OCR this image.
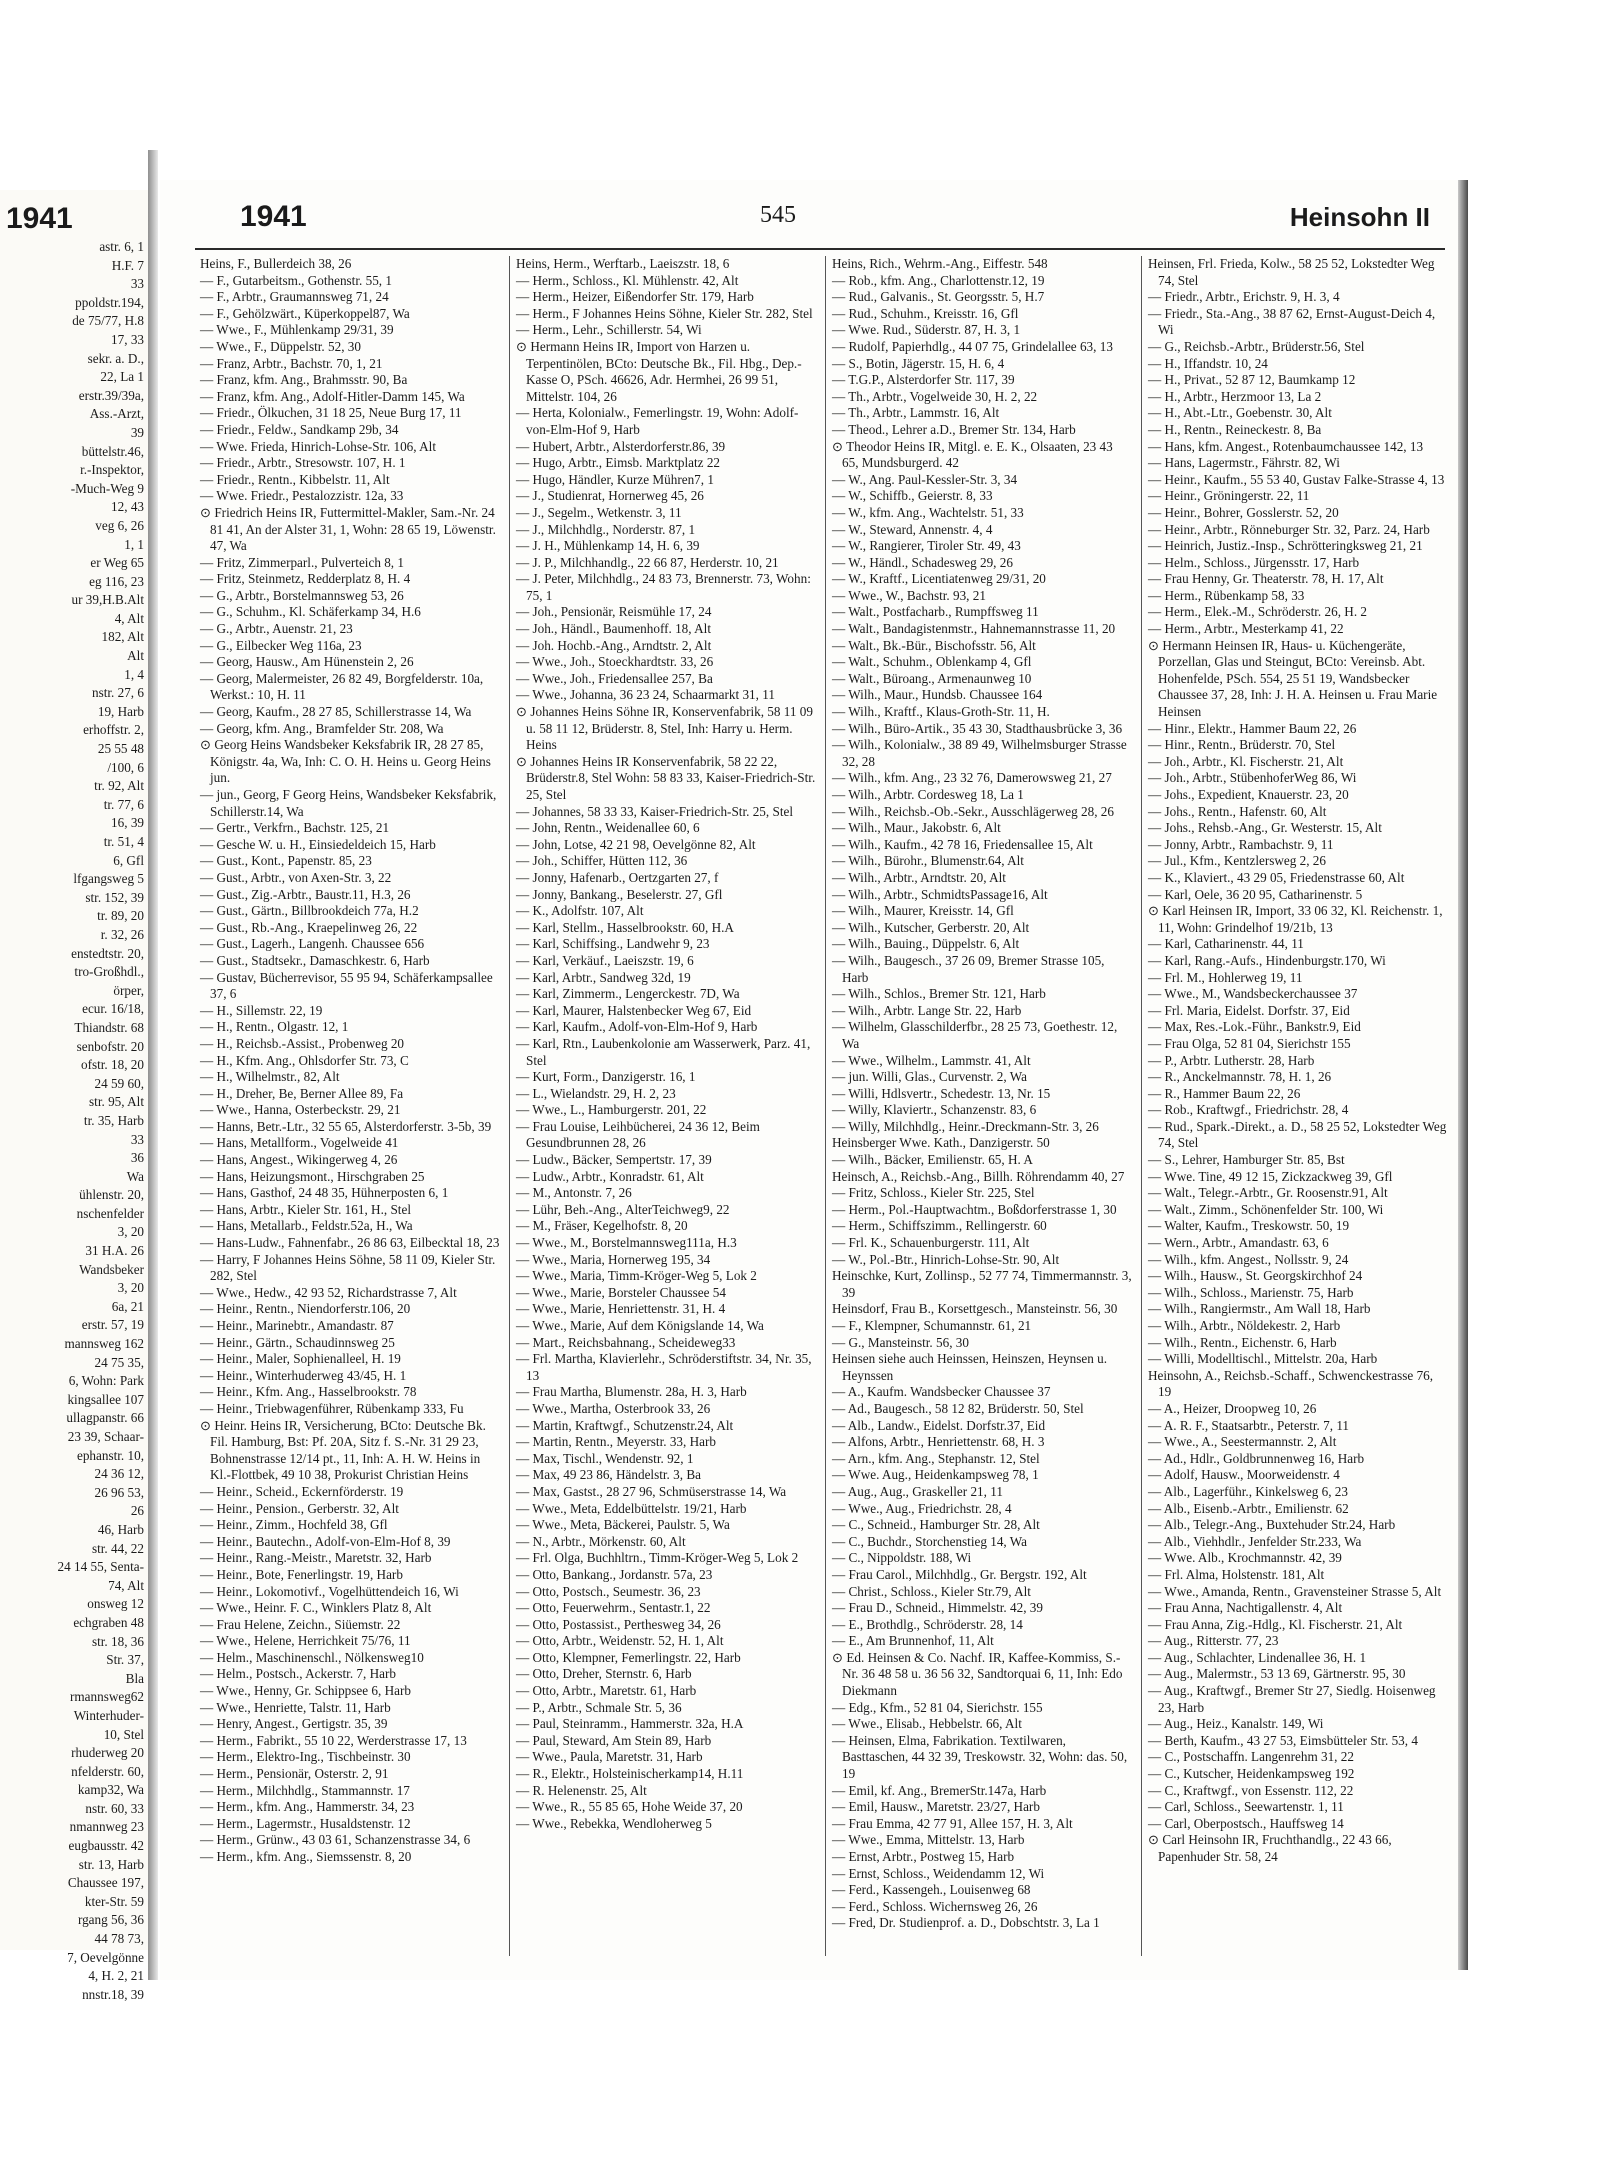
1941
astr. 6, 1
H.F. 7
33
ppoldstr.194,
de 75/77, H.8
17, 33
sekr. a. D.,
22, La 1
erstr.39/39a,
Ass.-Arzt,
39
büttelstr.46,
r.-Inspektor,
-Much-Weg 9
12, 43
veg 6, 26
1, 1
er Weg 65
eg 116, 23
ur 39,H.B.Alt
4, Alt
182, Alt
Alt
1, 4
nstr. 27, 6
19, Harb
erhoffstr. 2,
25 55 48
/100, 6
tr. 92, Alt
tr. 77, 6
16, 39
tr. 51, 4
6, Gfl
lfgangsweg 5
str. 152, 39
tr. 89, 20
r. 32, 26
enstedtstr. 20,
tro-Großhdl.,
örper,
ecur. 16/18,
Thiandstr. 68
senbofstr. 20
ofstr. 18, 20
24 59 60,
str. 95, Alt
tr. 35, Harb
33
36
Wa
ühlenstr. 20,
nschenfelder
3, 20
31 H.A. 26
Wandsbeker
3, 20
6a, 21
erstr. 57, 19
mannsweg 162
24 75 35,
6, Wohn: Park
kingsallee 107
ullagpanstr. 66
23 39, Schaar-
ephanstr. 10,
24 36 12,
26 96 53,
26
46, Harb
str. 44, 22
24 14 55, Senta-
74, Alt
onsweg 12
echgraben 48
str. 18, 36
Str. 37,
Bla
rmannsweg62
Winterhuder-
10, Stel
rhuderweg 20
nfelderstr. 60,
kamp32, Wa
nstr. 60, 33
nmannweg 23
eugbausstr. 42
str. 13, Harb
Chaussee 197,
kter-Str. 59
rgang 56, 36
44 78 73,
7, Oevelgönne
4, H. 2, 21
nnstr.18, 39
1941	545	Heinsohn II

Heins, F., Bullerdeich 38, 26

— F., Gutarbeitsm., Gothenstr. 55, 1

— F., Arbtr., Graumannsweg 71, 24

— F., Gehölzwärt., Küperkoppel87, Wa

— Wwe., F., Mühlenkamp 29/31, 39

— Wwe., F., Düppelstr. 52, 30

— Franz, Arbtr., Bachstr. 70, 1, 21

— Franz, kfm. Ang., Brahmsstr. 90, Ba

— Franz, kfm. Ang., Adolf-Hitler-Damm 145, Wa

— Friedr., Ölkuchen, 31 18 25, Neue Burg 17, 11

— Friedr., Feldw., Sandkamp 29b, 34

— Wwe. Frieda, Hinrich-Lohse-Str. 106, Alt

— Friedr., Arbtr., Stresowstr. 107, H. 1

— Friedr., Rentn., Kibbelstr. 11, Alt

— Wwe. Friedr., Pestalozzistr. 12a, 33

⊙ Friedrich Heins IR, Futtermittel-Makler, Sam.-Nr. 24 81 41, An der Alster 31, 1, Wohn: 28 65 19, Löwenstr. 47, Wa

— Fritz, Zimmerparl., Pulverteich 8, 1

— Fritz, Steinmetz, Redderplatz 8, H. 4

— G., Arbtr., Borstelmannsweg 53, 26

— G., Schuhm., Kl. Schäferkamp 34, H.6

— G., Arbtr., Auenstr. 21, 23

— G., Eilbecker Weg 116a, 23

— Georg, Hausw., Am Hünenstein 2, 26

— Georg, Malermeister, 26 82 49, Borgfelderstr. 10a, Werkst.: 10, H. 11

— Georg, Kaufm., 28 27 85, Schillerstrasse 14, Wa

— Georg, kfm. Ang., Bramfelder Str. 208, Wa

⊙ Georg Heins Wandsbeker Keksfabrik IR, 28 27 85, Königstr. 4a, Wa, Inh: C. O. H. Heins u. Georg Heins jun.

— jun., Georg, F Georg Heins, Wandsbeker Keksfabrik, Schillerstr.14, Wa

— Gertr., Verkfrn., Bachstr. 125, 21

— Gesche W. u. H., Einsiedeldeich 15, Harb

— Gust., Kont., Papenstr. 85, 23

— Gust., Arbtr., von Axen-Str. 3, 22

— Gust., Zig.-Arbtr., Baustr.11, H.3, 26

— Gust., Gärtn., Billbrookdeich 77a, H.2

— Gust., Rb.-Ang., Kraepelinweg 26, 22

— Gust., Lagerh., Langenh. Chaussee 656

— Gust., Stadtsekr., Damaschkestr. 6, Harb

— Gustav, Bücherrevisor, 55 95 94, Schäferkampsallee 37, 6

— H., Sillemstr. 22, 19

— H., Rentn., Olgastr. 12, 1

— H., Reichsb.-Assist., Probenweg 20

— H., Kfm. Ang., Ohlsdorfer Str. 73, C

— H., Wilhelmstr., 82, Alt

— H., Dreher, Be, Berner Allee 89, Fa

— Wwe., Hanna, Osterbeckstr. 29, 21

— Hanns, Betr.-Ltr., 32 55 65, Alsterdorferstr. 3-5b, 39

— Hans, Metallform., Vogelweide 41

— Hans, Angest., Wikingerweg 4, 26

— Hans, Heizungsmont., Hirschgraben 25

— Hans, Gasthof, 24 48 35, Hühnerposten 6, 1

— Hans, Arbtr., Kieler Str. 161, H., Stel

— Hans, Metallarb., Feldstr.52a, H., Wa

— Hans-Ludw., Fahnenfabr., 26 86 63, Eilbecktal 18, 23

— Harry, F Johannes Heins Söhne, 58 11 09, Kieler Str. 282, Stel

— Wwe., Hedw., 42 93 52, Richardstrasse 7, Alt

— Heinr., Rentn., Niendorferstr.106, 20

— Heinr., Marinebtr., Amandastr. 87

— Heinr., Gärtn., Schaudinnsweg 25

— Heinr., Maler, Sophienalleel, H. 19

— Heinr., Winterhuderweg 43/45, H. 1

— Heinr., Kfm. Ang., Hasselbrookstr. 78

— Heinr., Triebwagenführer, Rübenkamp 333, Fu

⊙ Heinr. Heins IR, Versicherung, BCto: Deutsche Bk. Fil. Hamburg, Bst: Pf. 20A, Sitz f. S.-Nr. 31 29 23, Bohnenstrasse 12/14 pt., 11, Inh: A. H. W. Heins in Kl.-Flottbek, 49 10 38, Prokurist Christian Heins

— Heinr., Scheid., Eckernförderstr. 19

— Heinr., Pension., Gerberstr. 32, Alt

— Heinr., Zimm., Hochfeld 38, Gfl

— Heinr., Bautechn., Adolf-von-Elm-Hof 8, 39

— Heinr., Rang.-Meistr., Maretstr. 32, Harb

— Heinr., Bote, Fenerlingstr. 19, Harb

— Heinr., Lokomotivf., Vogelhüttendeich 16, Wi

— Wwe., Heinr. F. C., Winklers Platz 8, Alt

— Frau Helene, Zeichn., Siüemstr. 22

— Wwe., Helene, Herrichkeit 75/76, 11

— Helm., Maschinenschl., Nölkensweg10

— Helm., Postsch., Ackerstr. 7, Harb

— Wwe., Henny, Gr. Schippsee 6, Harb

— Wwe., Henriette, Talstr. 11, Harb

— Henry, Angest., Gertigstr. 35, 39

— Herm., Fabrikt., 55 10 22, Werderstrasse 17, 13

— Herm., Elektro-Ing., Tischbeinstr. 30

— Herm., Pensionär, Osterstr. 2, 91

— Herm., Milchhdlg., Stammannstr. 17

— Herm., kfm. Ang., Hammerstr. 34, 23

— Herm., Lagermstr., Husaldstenstr. 12

— Herm., Grünw., 43 03 61, Schanzenstrasse 34, 6

— Herm., kfm. Ang., Siemssenstr. 8, 20

Heins, Herm., Werftarb., Laeiszstr. 18, 6

— Herm., Schloss., Kl. Mühlenstr. 42, Alt

— Herm., Heizer, Eißendorfer Str. 179, Harb

— Herm., F Johannes Heins Söhne, Kieler Str. 282, Stel

— Herm., Lehr., Schillerstr. 54, Wi

⊙ Hermann Heins IR, Import von Harzen u. Terpentinölen, BCto: Deutsche Bk., Fil. Hbg., Dep.-Kasse O, PSch. 46626, Adr. Hermhei, 26 99 51, Mittelstr. 104, 26

— Herta, Kolonialw., Femerlingstr. 19, Wohn: Adolf-von-Elm-Hof 9, Harb

— Hubert, Arbtr., Alsterdorferstr.86, 39

— Hugo, Arbtr., Eimsb. Marktplatz 22

— Hugo, Händler, Kurze Mühren7, 1

— J., Studienrat, Hornerweg 45, 26

— J., Segelm., Wetkenstr. 3, 11

— J., Milchhdlg., Norderstr. 87, 1

— J. H., Mühlenkamp 14, H. 6, 39

— J. P., Milchhandlg., 22 66 87, Herderstr. 10, 21

— J. Peter, Milchhdlg., 24 83 73, Brennerstr. 73, Wohn: 75, 1

— Joh., Pensionär, Reismühle 17, 24

— Joh., Händl., Baumenhoff. 18, Alt

— Joh. Hochb.-Ang., Arndtstr. 2, Alt

— Wwe., Joh., Stoeckhardtstr. 33, 26

— Wwe., Joh., Friedensallee 257, Ba

— Wwe., Johanna, 36 23 24, Schaarmarkt 31, 11

⊙ Johannes Heins Söhne IR, Konservenfabrik, 58 11 09 u. 58 11 12, Brüderstr. 8, Stel, Inh: Harry u. Herm. Heins

⊙ Johannes Heins IR Konservenfabrik, 58 22 22, Brüderstr.8, Stel Wohn: 58 83 33, Kaiser-Friedrich-Str. 25, Stel

— Johannes, 58 33 33, Kaiser-Friedrich-Str. 25, Stel

— John, Rentn., Weidenallee 60, 6

— John, Lotse, 42 21 98, Oevelgönne 82, Alt

— Joh., Schiffer, Hütten 112, 36

— Jonny, Hafenarb., Oertzgarten 27, f

— Jonny, Bankang., Beselerstr. 27, Gfl

— K., Adolfstr. 107, Alt

— Karl, Stellm., Hasselbrookstr. 60, H.A

— Karl, Schiffsing., Landwehr 9, 23

— Karl, Verkäuf., Laeiszstr. 19, 6

— Karl, Arbtr., Sandweg 32d, 19

— Karl, Zimmerm., Lengerckestr. 7D, Wa

— Karl, Maurer, Halstenbecker Weg 67, Eid

— Karl, Kaufm., Adolf-von-Elm-Hof 9, Harb

— Karl, Rtn., Laubenkolonie am Wasserwerk, Parz. 41, Stel

— Kurt, Form., Danzigerstr. 16, 1

— L., Wielandstr. 29, H. 2, 23

— Wwe., L., Hamburgerstr. 201, 22

— Frau Louise, Leihbücherei, 24 36 12, Beim Gesundbrunnen 28, 26

— Ludw., Bäcker, Sempertstr. 17, 39

— Ludw., Arbtr., Konradstr. 61, Alt

— M., Antonstr. 7, 26

— Lühr, Beh.-Ang., AlterTeichweg9, 22

— M., Fräser, Kegelhofstr. 8, 20

— Wwe., M., Borstelmannsweg111a, H.3

— Wwe., Maria, Hornerweg 195, 34

— Wwe., Maria, Timm-Kröger-Weg 5, Lok 2

— Wwe., Marie, Borsteler Chaussee 54

— Wwe., Marie, Henriettenstr. 31, H. 4

— Wwe., Marie, Auf dem Königslande 14, Wa

— Mart., Reichsbahnang., Scheideweg33

— Frl. Martha, Klavierlehr., Schröderstiftstr. 34, Nr. 35, 13

— Frau Martha, Blumenstr. 28a, H. 3, Harb

— Wwe., Martha, Osterbrook 33, 26

— Martin, Kraftwgf., Schutzenstr.24, Alt

— Martin, Rentn., Meyerstr. 33, Harb

— Max, Tischl., Wendenstr. 92, 1

— Max, 49 23 86, Händelstr. 3, Ba

— Max, Gastst., 28 27 96, Schmüserstrasse 14, Wa

— Wwe., Meta, Eddelbüttelstr. 19/21, Harb

— Wwe., Meta, Bäckerei, Paulstr. 5, Wa

— N., Arbtr., Mörkenstr. 60, Alt

— Frl. Olga, Buchhltrn., Timm-Kröger-Weg 5, Lok 2

— Otto, Bankang., Jordanstr. 57a, 23

— Otto, Postsch., Seumestr. 36, 23

— Otto, Feuerwehrm., Sentastr.1, 22

— Otto, Postassist., Perthesweg 34, 26

— Otto, Arbtr., Weidenstr. 52, H. 1, Alt

— Otto, Klempner, Femerlingstr. 22, Harb

— Otto, Dreher, Sternstr. 6, Harb

— Otto, Arbtr., Maretstr. 61, Harb

— P., Arbtr., Schmale Str. 5, 36

— Paul, Steinramm., Hammerstr. 32a, H.A

— Paul, Steward, Am Stein 89, Harb

— Wwe., Paula, Maretstr. 31, Harb

— R., Elektr., Holsteinischerkamp14, H.11

— R. Helenenstr. 25, Alt

— Wwe., R., 55 85 65, Hohe Weide 37, 20

— Wwe., Rebekka, Wendloherweg 5

Heins, Rich., Wehrm.-Ang., Eiffestr. 548

— Rob., kfm. Ang., Charlottenstr.12, 19

— Rud., Galvanis., St. Georgsstr. 5, H.7

— Rud., Schuhm., Kreisstr. 16, Gfl

— Wwe. Rud., Süderstr. 87, H. 3, 1

— Rudolf, Papierhdlg., 44 07 75, Grindelallee 63, 13

— S., Botin, Jägerstr. 15, H. 6, 4

— T.G.P., Alsterdorfer Str. 117, 39

— Th., Arbtr., Vogelweide 30, H. 2, 22

— Th., Arbtr., Lammstr. 16, Alt

— Theod., Lehrer a.D., Bremer Str. 134, Harb

⊙ Theodor Heins IR, Mitgl. e. E. K., Olsaaten, 23 43 65, Mundsburgerd. 42

— W., Ang. Paul-Kessler-Str. 3, 34

— W., Schiffb., Geierstr. 8, 33

— W., kfm. Ang., Wachtelstr. 51, 33

— W., Steward, Annenstr. 4, 4

— W., Rangierer, Tiroler Str. 49, 43

— W., Händl., Schadesweg 29, 26

— W., Kraftf., Licentiatenweg 29/31, 20

— Wwe., W., Bachstr. 93, 21

— Walt., Postfacharb., Rumpffsweg 11

— Walt., Bandagistenmstr., Hahnemannstrasse 11, 20

— Walt., Bk.-Bür., Bischofsstr. 56, Alt

— Walt., Schuhm., Oblenkamp 4, Gfl

— Walt., Büroang., Armenaunweg 10

— Wilh., Maur., Hundsb. Chaussee 164

— Wilh., Kraftf., Klaus-Groth-Str. 11, H.

— Wilh., Büro-Artik., 35 43 30, Stadthausbrücke 3, 36

— Wilh., Kolonialw., 38 89 49, Wilhelmsburger Strasse 32, 28

— Wilh., kfm. Ang., 23 32 76, Damerowsweg 21, 27

— Wilh., Arbtr. Cordesweg 18, La 1

— Wilh., Reichsb.-Ob.-Sekr., Ausschlägerweg 28, 26

— Wilh., Maur., Jakobstr. 6, Alt

— Wilh., Kaufm., 42 78 16, Friedensallee 15, Alt

— Wilh., Bürohr., Blumenstr.64, Alt

— Wilh., Arbtr., Arndtstr. 20, Alt

— Wilh., Arbtr., SchmidtsPassage16, Alt

— Wilh., Maurer, Kreisstr. 14, Gfl

— Wilh., Kutscher, Gerberstr. 20, Alt

— Wilh., Bauing., Düppelstr. 6, Alt

— Wilh., Baugesch., 37 26 09, Bremer Strasse 105, Harb

— Wilh., Schlos., Bremer Str. 121, Harb

— Wilh., Arbtr. Lange Str. 22, Harb

— Wilhelm, Glasschilderfbr., 28 25 73, Goethestr. 12, Wa

— Wwe., Wilhelm., Lammstr. 41, Alt

— jun. Willi, Glas., Curvenstr. 2, Wa

— Willi, Hdlsvertr., Schedestr. 13, Nr. 15

— Willy, Klaviertr., Schanzenstr. 83, 6

— Willy, Milchhdlg., Heinr.-Dreckmann-Str. 3, 26

Heinsberger Wwe. Kath., Danzigerstr. 50

— Wilh., Bäcker, Emilienstr. 65, H. A

Heinsch, A., Reichsb.-Ang., Billh. Röhrendamm 40, 27

— Fritz, Schloss., Kieler Str. 225, Stel

— Herm., Pol.-Hauptwachtm., Boßdorferstrasse 1, 30

— Herm., Schiffszimm., Rellingerstr. 60

— Frl. K., Schauenburgerstr. 111, Alt

— W., Pol.-Btr., Hinrich-Lohse-Str. 90, Alt

Heinschke, Kurt, Zollinsp., 52 77 74, Timmermannstr. 3, 39

Heinsdorf, Frau B., Korsettgesch., Mansteinstr. 56, 30

— F., Klempner, Schumannstr. 61, 21

— G., Mansteinstr. 56, 30

Heinsen siehe auch Heinssen, Heinszen, Heynsen u. Heynssen

— A., Kaufm. Wandsbecker Chaussee 37

— Ad., Baugesch., 58 12 82, Brüderstr. 50, Stel

— Alb., Landw., Eidelst. Dorfstr.37, Eid

— Alfons, Arbtr., Henriettenstr. 68, H. 3

— Arn., kfm. Ang., Stephanstr. 12, Stel

— Wwe. Aug., Heidenkampsweg 78, 1

— Aug., Aug., Graskeller 21, 11

— Wwe., Aug., Friedrichstr. 28, 4

— C., Schneid., Hamburger Str. 28, Alt

— C., Buchdr., Storchenstieg 14, Wa

— C., Nippoldstr. 188, Wi

— Frau Carol., Milchhdlg., Gr. Bergstr. 192, Alt

— Christ., Schloss., Kieler Str.79, Alt

— Frau D., Schneid., Himmelstr. 42, 39

— E., Brothdlg., Schröderstr. 28, 14

— E., Am Brunnenhof, 11, Alt

⊙ Ed. Heinsen & Co. Nachf. IR, Kaffee-Kommiss, S.-Nr. 36 48 58 u. 36 56 32, Sandtorquai 6, 11, Inh: Edo Diekmann

— Edg., Kfm., 52 81 04, Sierichstr. 155

— Wwe., Elisab., Hebbelstr. 66, Alt

— Heinsen, Elma, Fabrikation. Textilwaren, Basttaschen, 44 32 39, Treskowstr. 32, Wohn: das. 50, 19

— Emil, kf. Ang., BremerStr.147a, Harb

— Emil, Hausw., Maretstr. 23/27, Harb

— Frau Emma, 42 77 91, Allee 157, H. 3, Alt

— Wwe., Emma, Mittelstr. 13, Harb

— Ernst, Arbtr., Postweg 15, Harb

— Ernst, Schloss., Weidendamm 12, Wi

— Ferd., Kassengeh., Louisenweg 68

— Ferd., Schloss. Wichernsweg 26, 26

— Fred, Dr. Studienprof. a. D., Dobschtstr. 3, La 1

Heinsen, Frl. Frieda, Kolw., 58 25 52, Lokstedter Weg 74, Stel

— Friedr., Arbtr., Erichstr. 9, H. 3, 4

— Friedr., Sta.-Ang., 38 87 62, Ernst-August-Deich 4, Wi

— G., Reichsb.-Arbtr., Brüderstr.56, Stel

— H., Iffandstr. 10, 24

— H., Privat., 52 87 12, Baumkamp 12

— H., Arbtr., Herzmoor 13, La 2

— H., Abt.-Ltr., Goebenstr. 30, Alt

— H., Rentn., Reineckestr. 8, Ba

— Hans, kfm. Angest., Rotenbaumchaussee 142, 13

— Hans, Lagermstr., Fährstr. 82, Wi

— Heinr., Kaufm., 55 53 40, Gustav Falke-Strasse 4, 13

— Heinr., Gröningerstr. 22, 11

— Heinr., Bohrer, Gosslerstr. 52, 20

— Heinr., Arbtr., Rönneburger Str. 32, Parz. 24, Harb

— Heinrich, Justiz.-Insp., Schrötteringksweg 21, 21

— Helm., Schloss., Jürgensstr. 17, Harb

— Frau Henny, Gr. Theaterstr. 78, H. 17, Alt

— Herm., Rübenkamp 58, 33

— Herm., Elek.-M., Schröderstr. 26, H. 2

— Herm., Arbtr., Mesterkamp 41, 22

⊙ Hermann Heinsen IR, Haus- u. Küchengeräte, Porzellan, Glas und Steingut, BCto: Vereinsb. Abt. Hohenfelde, PSch. 554, 25 51 19, Wandsbecker Chaussee 37, 28, Inh: J. H. A. Heinsen u. Frau Marie Heinsen

— Hinr., Elektr., Hammer Baum 22, 26

— Hinr., Rentn., Brüderstr. 70, Stel

— Joh., Arbtr., Kl. Fischerstr. 21, Alt

— Joh., Arbtr., StübenhoferWeg 86, Wi

— Johs., Expedient, Knauerstr. 23, 20

— Johs., Rentn., Hafenstr. 60, Alt

— Johs., Rehsb.-Ang., Gr. Westerstr. 15, Alt

— Jonny, Arbtr., Rambachstr. 9, 11

— Jul., Kfm., Kentzlersweg 2, 26

— K., Klaviert., 43 29 05, Friedenstrasse 60, Alt

— Karl, Oele, 36 20 95, Catharinenstr. 5

⊙ Karl Heinsen IR, Import, 33 06 32, Kl. Reichenstr. 1, 11, Wohn: Grindelhof 19/21b, 13

— Karl, Catharinenstr. 44, 11

— Karl, Rang.-Aufs., Hindenburgstr.170, Wi

— Frl. M., Hohlerweg 19, 11

— Wwe., M., Wandsbeckerchaussee 37

— Frl. Maria, Eidelst. Dorfstr. 37, Eid

— Max, Res.-Lok.-Führ., Bankstr.9, Eid

— Frau Olga, 52 81 04, Sierichstr 155

— P., Arbtr. Lutherstr. 28, Harb

— R., Anckelmannstr. 78, H. 1, 26

— R., Hammer Baum 22, 26

— Rob., Kraftwgf., Friedrichstr. 28, 4

— Rud., Spark.-Direkt., a. D., 58 25 52, Lokstedter Weg 74, Stel

— S., Lehrer, Hamburger Str. 85, Bst

— Wwe. Tine, 49 12 15, Zickzackweg 39, Gfl

— Walt., Telegr.-Arbtr., Gr. Roosenstr.91, Alt

— Walt., Zimm., Schönenfelder Str. 100, Wi

— Walter, Kaufm., Treskowstr. 50, 19

— Wern., Arbtr., Amandastr. 63, 6

— Wilh., kfm. Angest., Nollsstr. 9, 24

— Wilh., Hausw., St. Georgskirchhof 24

— Wilh., Schloss., Marienstr. 75, Harb

— Wilh., Rangiermstr., Am Wall 18, Harb

— Wilh., Arbtr., Nöldekestr. 2, Harb

— Wilh., Rentn., Eichenstr. 6, Harb

— Willi, Modelltischl., Mittelstr. 20a, Harb

Heinsohn, A., Reichsb.-Schaff., Schwenckestrasse 76, 19

— A., Heizer, Droopweg 10, 26

— A. R. F., Staatsarbtr., Peterstr. 7, 11

— Wwe., A., Seestermannstr. 2, Alt

— Ad., Hdlr., Goldbrunnenweg 16, Harb

— Adolf, Hausw., Moorweidenstr. 4

— Alb., Lagerführ., Kinkelsweg 6, 23

— Alb., Eisenb.-Arbtr., Emilienstr. 62

— Alb., Telegr.-Ang., Buxtehuder Str.24, Harb

— Alb., Viehhdlr., Jenfelder Str.233, Wa

— Wwe. Alb., Krochmannstr. 42, 39

— Frl. Alma, Holstenstr. 181, Alt

— Wwe., Amanda, Rentn., Gravensteiner Strasse 5, Alt

— Frau Anna, Nachtigallenstr. 4, Alt

— Frau Anna, Zig.-Hdlg., Kl. Fischerstr. 21, Alt

— Aug., Ritterstr. 77, 23

— Aug., Schlachter, Lindenallee 36, H. 1

— Aug., Malermstr., 53 13 69, Gärtnerstr. 95, 30

— Aug., Kraftwgf., Bremer Str 27, Siedlg. Hoisenweg 23, Harb

— Aug., Heiz., Kanalstr. 149, Wi

— Berth, Kaufm., 43 27 53, Eimsbütteler Str. 53, 4

— C., Postschaffn. Langenrehm 31, 22

— C., Kutscher, Heidenkampsweg 192

— C., Kraftwgf., von Essenstr. 112, 22

— Carl, Schloss., Seewartenstr. 1, 11

— Carl, Oberpostsch., Hauffsweg 14

⊙ Carl Heinsohn IR, Fruchthandlg., 22 43 66, Papenhuder Str. 58, 24
